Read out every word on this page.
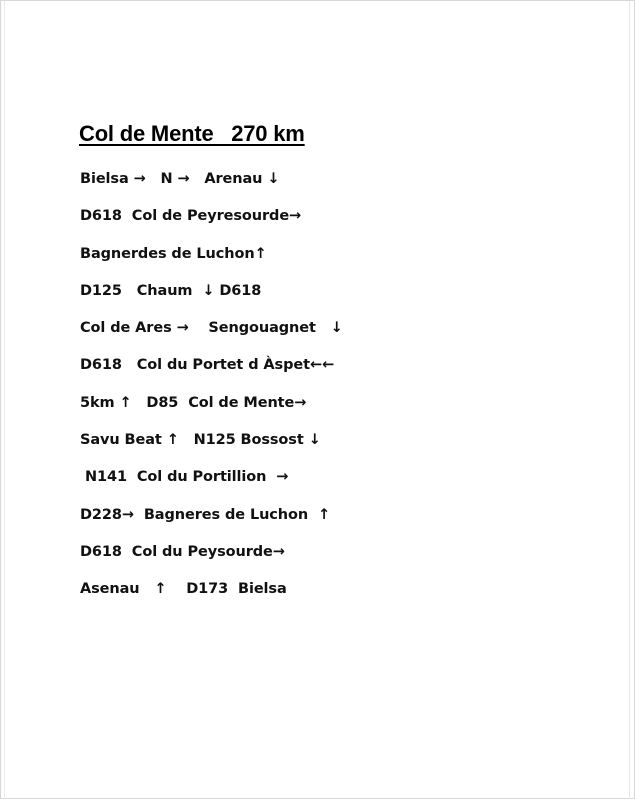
Col de Mente   270 km
Bielsa →   N →   Arenau ↓
D618  Col de Peyresourde→
Bagnerdes de Luchon↑
D125   Chaum  ↓ D618
Col de Ares →    Sengouagnet   ↓
D618   Col du Portet d Àspet←←
5km ↑   D85  Col de Mente→
Savu Beat ↑   N125 Bossost ↓
N141  Col du Portillion  →
D228→  Bagneres de Luchon  ↑
D618  Col du Peysourde→
Asenau   ↑    D173  Bielsa
